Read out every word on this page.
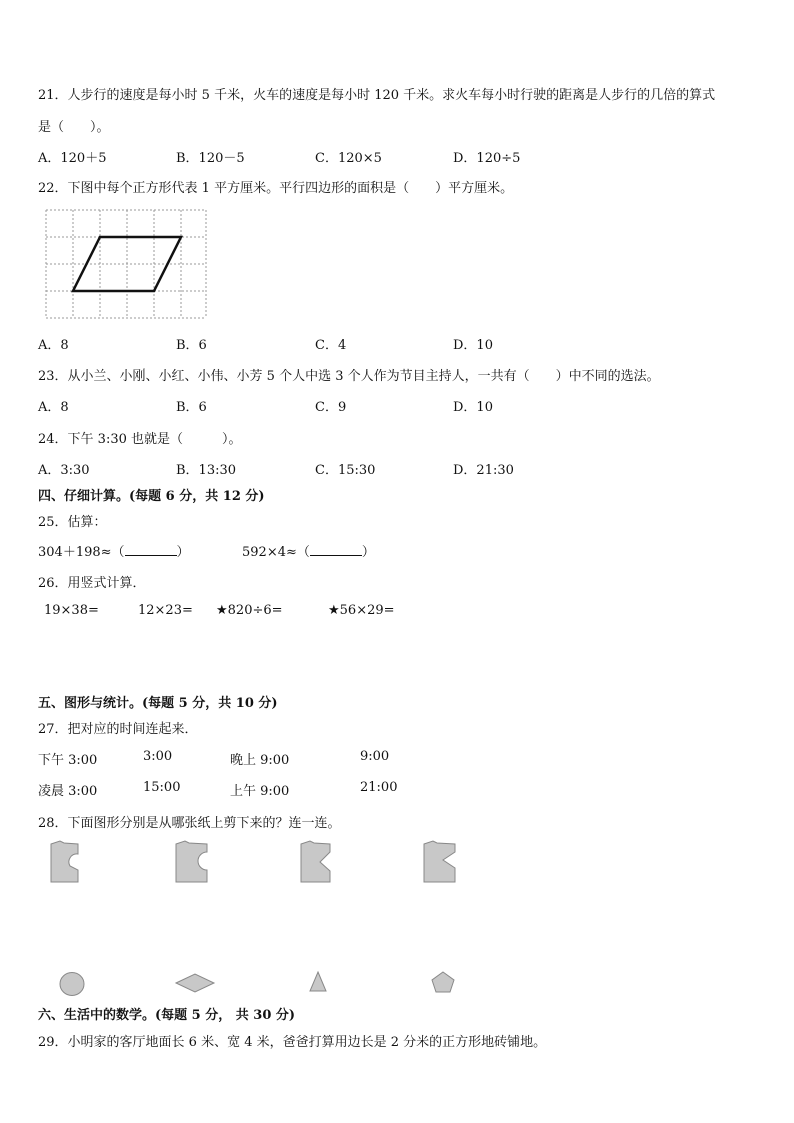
21．人步行的速度是每小时 5 千米，火车的速度是每小时 120 千米。求火车每小时行驶的距离是人步行的几倍的算式
是（　　）。
A．120＋5	B．120－5	C．120×5	D．120÷5
22．下图中每个正方形代表 1 平方厘米。平行四边形的面积是（　　）平方厘米。
A．8	B．6	C．4	D．10
23．从小兰、小刚、小红、小伟、小芳 5 个人中选 3 个人作为节目主持人，一共有（　　）中不同的选法。
A．8	B．6	C．9	D．10
24．下午 3:30 也就是（　　　）。
A．3:30	B．13:30	C．15:30	D．21:30
四、仔细计算。(每题 6 分，共 12 分)
25．估算：
304＋198≈（	）	592×4≈（	）
26．用竖式计算．
19×38=	12×23= ★820÷6=	★56×29=
五、图形与统计。(每题 5 分，共 10 分)
27．把对应的时间连起来．
下午 3:00	3:00	晚上 9:00	9:00
凌晨 3:00	15:00	上午 9:00	21:00
28．下面图形分别是从哪张纸上剪下来的？连一连。
六、生活中的数学。(每题 5 分， 共 30 分)
29．小明家的客厅地面长 6 米、宽 4 米，爸爸打算用边长是 2 分米的正方形地砖铺地。
